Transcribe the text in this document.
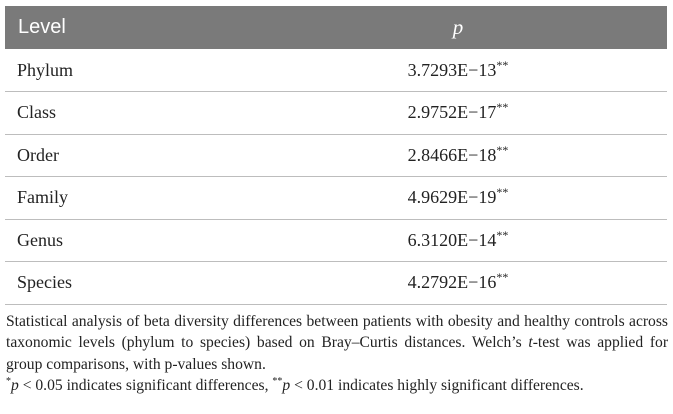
Level	p
Phylum	3.7293E−13**
Class	2.9752E−17**
Order	2.8466E−18**
Family	4.9629E−19**
Genus	6.3120E−14**
Species	4.2792E−16**

Statistical analysis of beta diversity differences between patients with obesity and healthy controls across taxonomic levels (phylum to species) based on Bray–Curtis distances. Welch’s t-test was applied for group comparisons, with p-values shown.

*p < 0.05 indicates significant differences, **p < 0.01 indicates highly significant differences.
